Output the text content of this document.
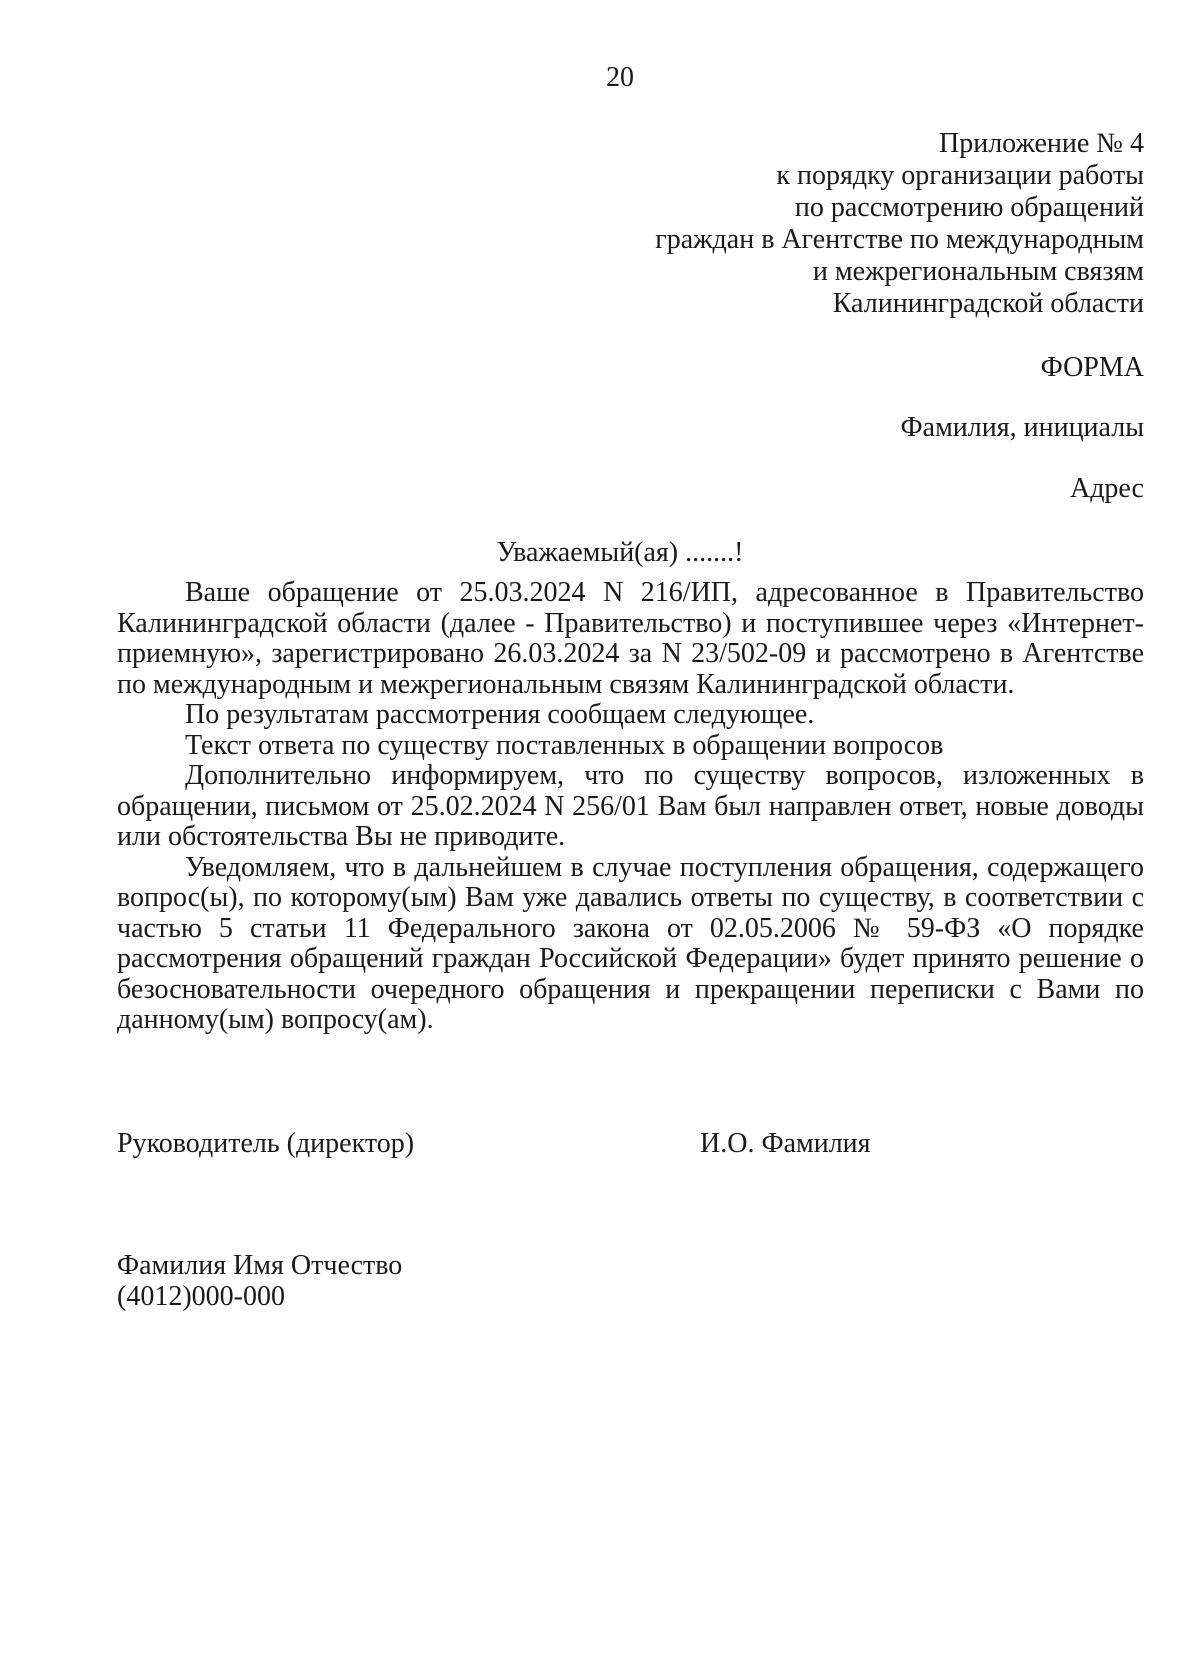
20
Приложение № 4
к порядку организации работы
по рассмотрению обращений
граждан в Агентстве по международным
и межрегиональным связям
Калининградской области
ФОРМА
Фамилия, инициалы
Адрес
Уважаемый(ая) .......!

Ваше обращение от 25.03.2024 N 216/ИП, адресованное в Правительство Калининградской области (далее - Правительство) и поступившее через «Интернет-приемную», зарегистрировано 26.03.2024 за N 23/502-09 и рассмотрено в Агентстве по международным и межрегиональным связям Калининградской области.

По результатам рассмотрения сообщаем следующее.

Текст ответа по существу поставленных в обращении вопросов

Дополнительно информируем, что по существу вопросов, изложенных в обращении, письмом от 25.02.2024 N 256/01 Вам был направлен ответ, новые доводы или обстоятельства Вы не приводите.

Уведомляем, что в дальнейшем в случае поступления обращения, содержащего вопрос(ы), по которому(ым) Вам уже давались ответы по существу, в соответствии с частью 5 статьи 11 Федерального закона от 02.05.2006 № 59-ФЗ «О порядке рассмотрения обращений граждан Российской Федерации» будет принято решение о безосновательности очередного обращения и прекращении переписки с Вами по данному(ым) вопросу(ам).

Руководитель (директор)	И.О. Фамилия
Фамилия Имя Отчество
(4012)000-000
